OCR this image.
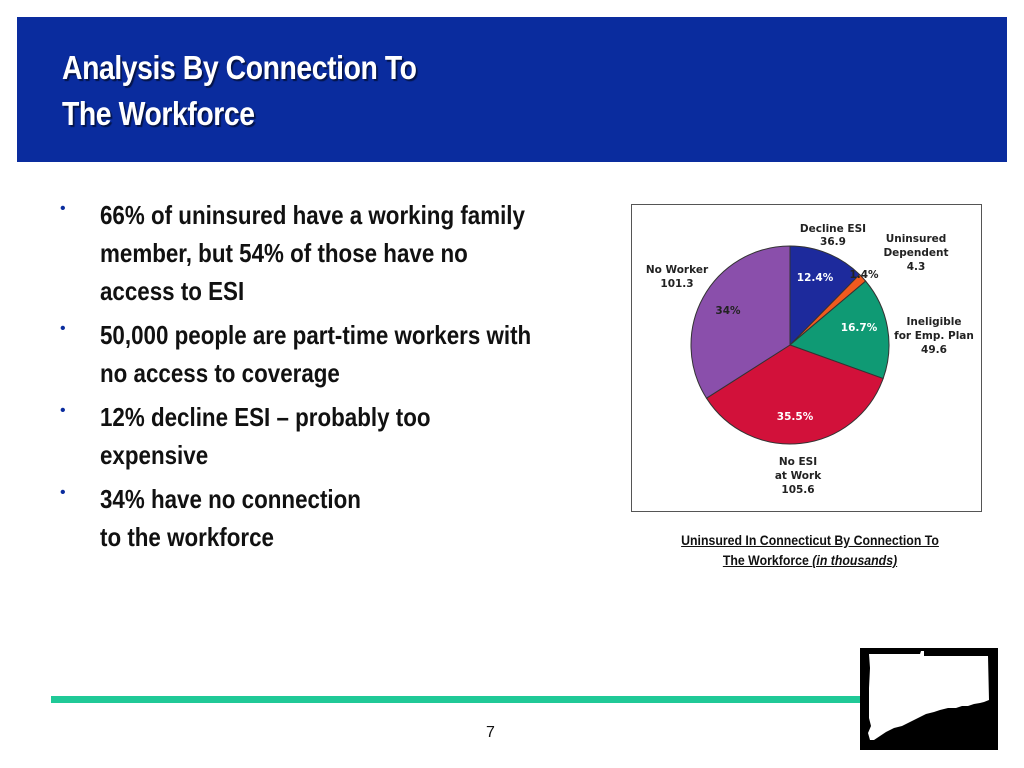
Analysis By Connection To
The Workforce
• 66% of uninsured have a working family
member, but 54% of those have no
access to ESI
• 50,000 people are part-time workers with
no access to coverage
• 12% decline ESI – probably too
expensive
• 34% have no connection
to the workforce
12.4% 1.4%
16.7%
35.5%
34%
Decline ESI
36.9	Uninsured
Dependent
4.3
Ineligible
for Emp. Plan
49.6
No ESI
at Work
105.6
No Worker
101.3
Uninsured In Connecticut By Connection To
The Workforce (in thousands)
7
